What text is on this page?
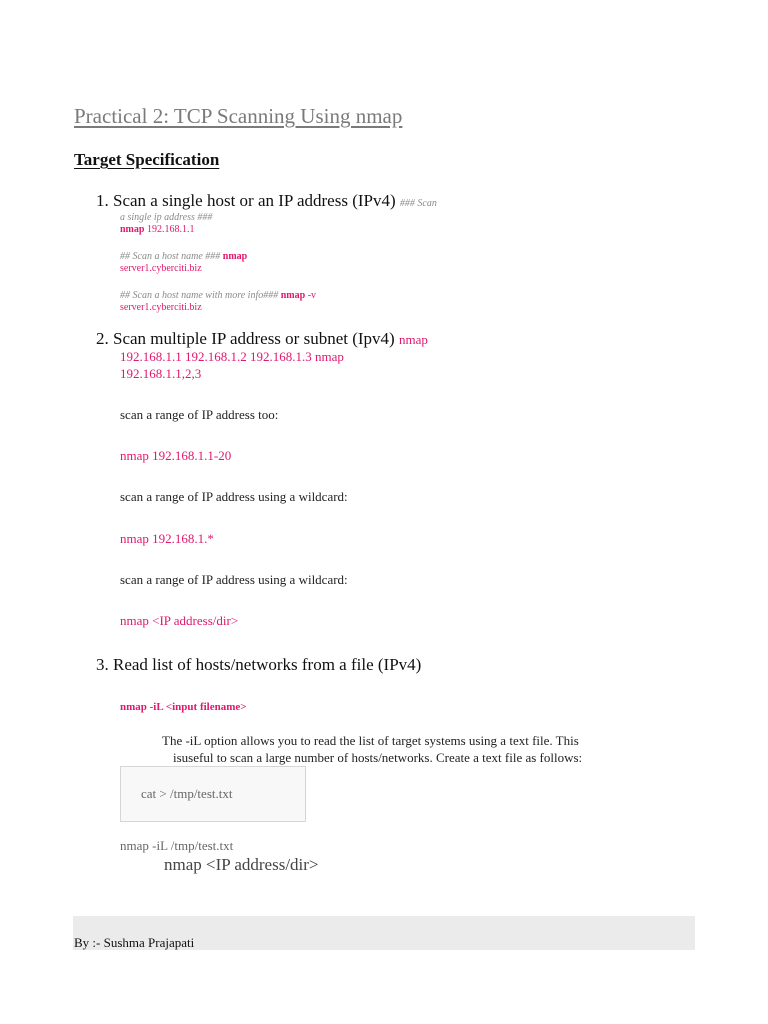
Practical 2: TCP Scanning Using nmap
Target Specification
1. Scan a single host or an IP address (IPv4) ### Scan
a single ip address ###
nmap 192.168.1.1
## Scan a host name ### nmap
server1.cyberciti.biz
## Scan a host name with more info### nmap -v
server1.cyberciti.biz
2. Scan multiple IP address or subnet (Ipv4) nmap
192.168.1.1 192.168.1.2 192.168.1.3 nmap
192.168.1.1,2,3
scan a range of IP address too:
nmap 192.168.1.1-20
scan a range of IP address using a wildcard:
nmap 192.168.1.*
scan a range of IP address using a wildcard:
nmap <IP address/dir>
3. Read list of hosts/networks from a file (IPv4)
nmap -iL <input filename>
The -iL option allows you to read the list of target systems using a text file. This
isuseful to scan a large number of hosts/networks. Create a text file as follows:
cat > /tmp/test.txt
nmap -iL /tmp/test.txt
nmap <IP address/dir>
By :- Sushma Prajapati
